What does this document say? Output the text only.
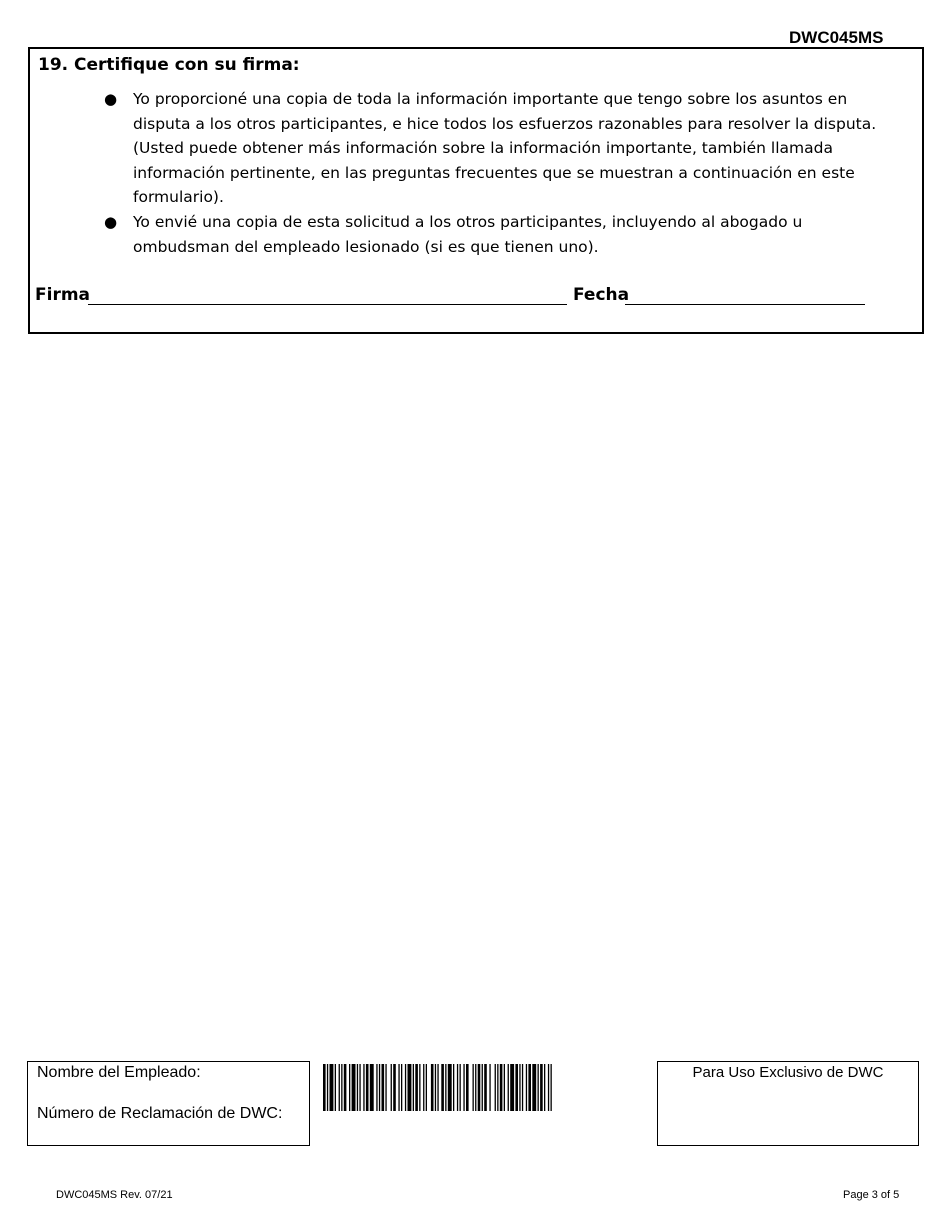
DWC045MS
19. Certifique con su firma:
● Yo proporcioné una copia de toda la información importante que tengo sobre los asuntos en disputa a los otros participantes, e hice todos los esfuerzos razonables para resolver la disputa. (Usted puede obtener más información sobre la información importante, también llamada información pertinente, en las preguntas frecuentes que se muestran a continuación en este formulario).
● Yo envié una copia de esta solicitud a los otros participantes, incluyendo al abogado u ombudsman del empleado lesionado (si es que tienen uno).
Firma	Fecha
Nombre del Empleado:
Número de Reclamación de DWC:
Para Uso Exclusivo de DWC
DWC045MS Rev. 07/21	Page 3 of 5
